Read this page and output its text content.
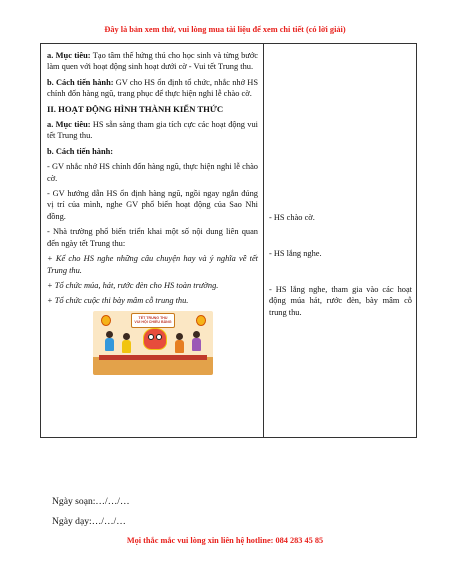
Đây là bản xem thử, vui lòng mua tài liệu để xem chi tiết (có lời giải)

a. Mục tiêu: Tạo tâm thế hứng thú cho học sinh và từng bước làm quen với hoạt động sinh hoạt dưới cờ - Vui tết Trung thu.

b. Cách tiến hành: GV cho HS ổn định tổ chức, nhắc nhở HS chỉnh đốn hàng ngũ, trang phục để thực hiện nghi lễ chào cờ.

II. HOẠT ĐỘNG HÌNH THÀNH KIẾN THỨC

a. Mục tiêu: HS sẵn sàng tham gia tích cực các hoạt động vui tết Trung thu.

b. Cách tiến hành:

- GV nhắc nhở HS chỉnh đốn hàng ngũ, thực hiện nghi lễ chào cờ.

- GV hướng dẫn HS ổn định hàng ngũ, ngồi ngay ngắn đúng vị trí của mình, nghe GV phổ biến hoạt động của Sao Nhi đồng.

- Nhà trường phổ biến triển khai một số nội dung liên quan đến ngày tết Trung thu:

+ Kể cho HS nghe những câu chuyện hay và ý nghĩa về tết Trung thu.

+ Tổ chức múa, hát, rước đèn cho HS toàn trường.

+ Tổ chức cuộc thi bày mâm cỗ trung thu.

TẾT TRUNG THU
VUI HỘI CHIỀU BẰNG

- HS chào cờ.

- HS lắng nghe.

- HS lắng nghe, tham gia vào các hoạt động múa hát, rước đèn, bày mâm cỗ trung thu.

Ngày soạn:…/…/…
Ngày dạy:…/…/…
Mọi thắc mắc vui lòng xin liên hệ hotline: 084 283 45 85
